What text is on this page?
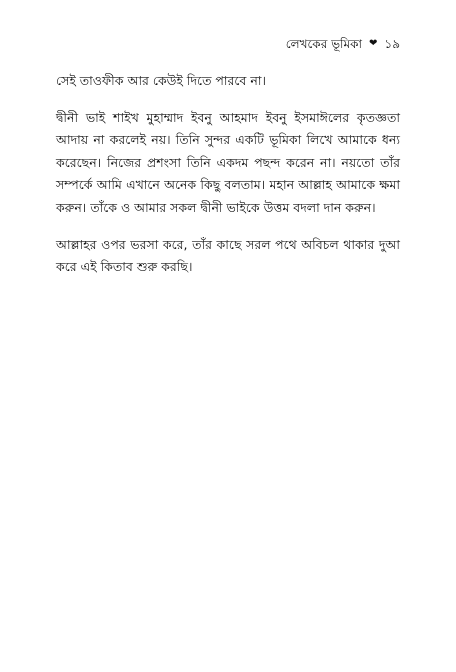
লেখকের ভূমিকা ❤ ১৯

সেই তাওফীক আর কেউই দিতে পারবে না।

দ্বীনী ভাই শাইখ মুহাম্মাদ ইবনু আহমাদ ইবনু ইসমাঈলের কৃতজ্ঞতা আদায় না করলেই নয়। তিনি সুন্দর একটি ভূমিকা লিখে আমাকে ধন্য করেছেন। নিজের প্রশংসা তিনি একদম পছন্দ করেন না। নয়তো তাঁর সম্পর্কে আমি এখানে অনেক কিছু বলতাম। মহান আল্লাহ আমাকে ক্ষমা করুন। তাঁকে ও আমার সকল দ্বীনী ভাইকে উত্তম বদলা দান করুন।

আল্লাহর ওপর ভরসা করে, তাঁর কাছে সরল পথে অবিচল থাকার দুআ করে এই কিতাব শুরু করছি।
